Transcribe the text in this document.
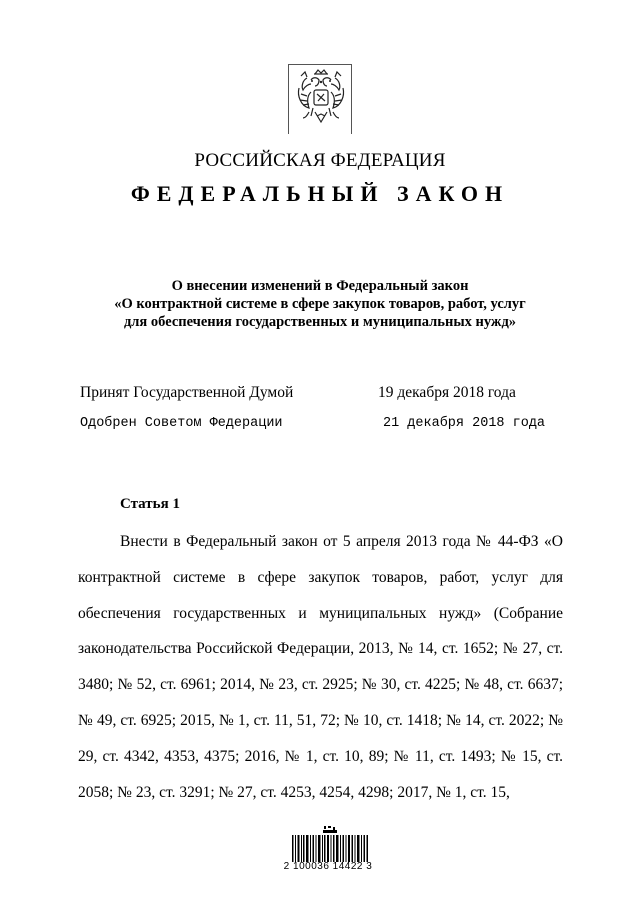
РОССИЙСКАЯ ФЕДЕРАЦИЯ
ФЕДЕРАЛЬНЫЙ ЗАКОН
О внесении изменений в Федеральный закон
«О контрактной системе в сфере закупок товаров, работ, услуг
для обеспечения государственных и муниципальных нужд»
Принят Государственной Думой	19 декабря 2018 года
Одобрен Советом Федерации	21 декабря 2018 года
Статья 1

Внести в Федеральный закон от 5 апреля 2013 года № 44-ФЗ «О контрактной системе в сфере закупок товаров, работ, услуг для обеспечения государственных и муниципальных нужд» (Собрание законодательства Российской Федерации, 2013, № 14, ст. 1652; № 27, ст. 3480; № 52, ст. 6961; 2014, № 23, ст. 2925; № 30, ст. 4225; № 48, ст. 6637; № 49, ст. 6925; 2015, № 1, ст. 11, 51, 72; № 10, ст. 1418; № 14, ст. 2022; № 29, ст. 4342, 4353, 4375; 2016, № 1, ст. 10, 89; № 11, ст. 1493; № 15, ст. 2058; № 23, ст. 3291; № 27, ст. 4253, 4254, 4298; 2017, № 1, ст. 15,

2 100036 14422 3
